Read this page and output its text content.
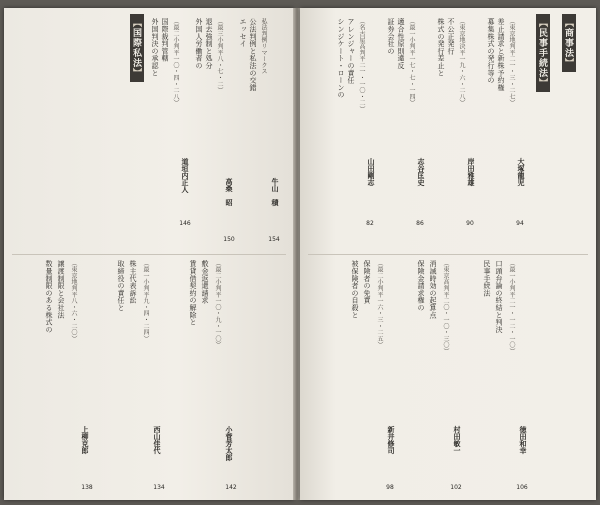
【国際私法】	外国判決の承認と 国際裁判管轄 （最二小判平一〇・四・二八）
道垣内正人
146
外国人労働者の 退去強制と処分 （最三小判平八・七・二）
高桑　昭
150
エッセイ 公法判例と私法の交錯 私法判例リマークス
牛山　積
154
数量制限のある株式の 譲渡制限と会社法 （東京地判平八・六・二〇）
上柳克郎
138
取締役の責任と 株主代表訴訟 （最一小判平九・四・二四）
西山佳代
134
賃貸借契約の解除と 敷金返還請求 （最二小判平一〇・九・一〇）
小菅芳太郎
142
【商事法】
シンジケート・ローンの アレンジャーの責任 （名古屋高判平二一・一〇・二）
山田剛志
82
証券会社の 適合性原則違反 （最一小判平一七・七・一四）
志谷匡史
86
株式の発行差止と 不公正発行 （東京地決平一九・六・二八）
岸田雅雄
90
募集株式の発行等の 差止請求と新株予約権 （東京地判平二一・三・二七）
大塚龍児
94
【民事手続法】
被保険者の自殺と 保険者の免責 （最二小判平一六・三・二五）
新井修司
98
保険金請求権の 消滅時効の起算点 （東京高判平二〇・一〇・三〇）
村田敏一
102
民事手続法 口頭弁論の終結と判決 （最一小判平二一・一二・一〇）
徳田和幸
106
